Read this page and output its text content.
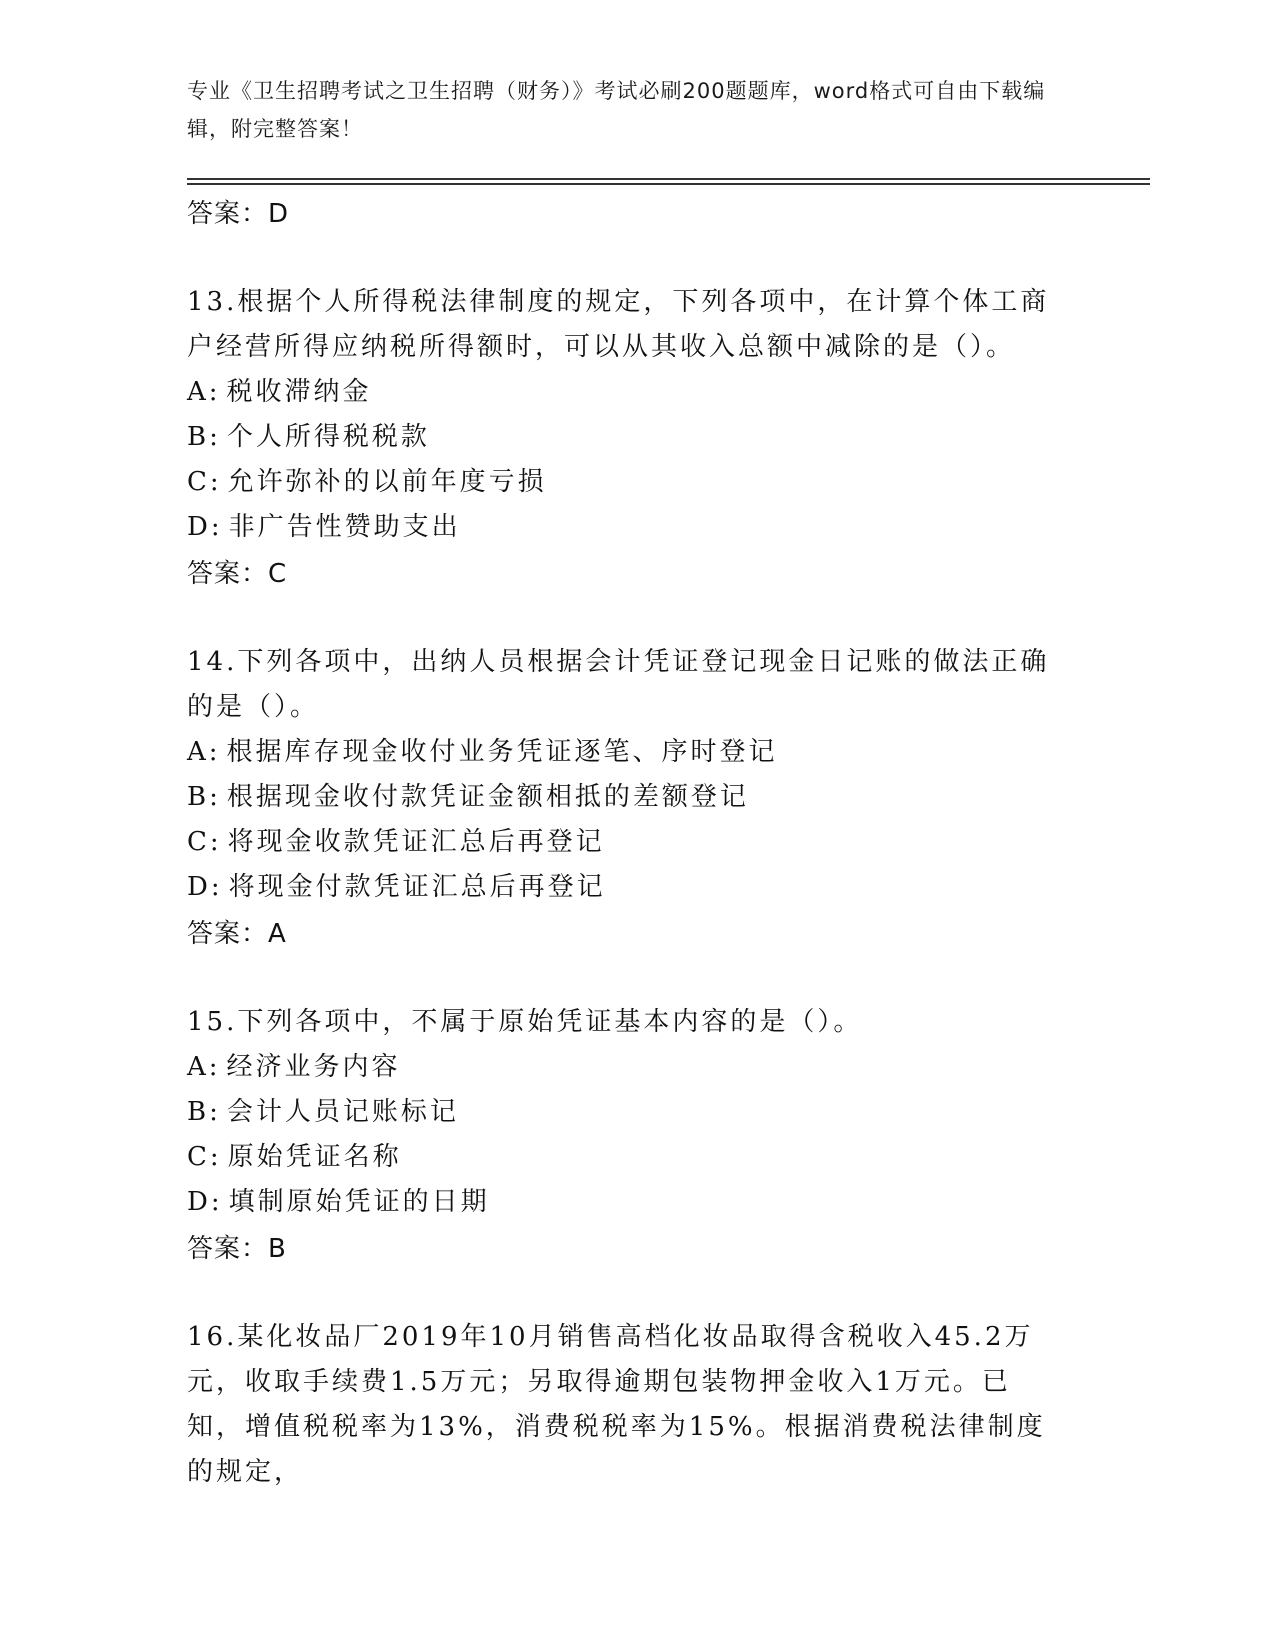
专业《卫生招聘考试之卫生招聘（财务）》考试必刷200题题库，word格式可自由下载编辑，附完整答案！

答案：D

13.根据个人所得税法律制度的规定，下列各项中，在计算个体工商户经营所得应纳税所得额时，可以从其收入总额中减除的是（）。

A: 税收滞纳金

B: 个人所得税税款

C: 允许弥补的以前年度亏损

D: 非广告性赞助支出

答案：C

14.下列各项中，出纳人员根据会计凭证登记现金日记账的做法正确的是（）。

A: 根据库存现金收付业务凭证逐笔、序时登记

B: 根据现金收付款凭证金额相抵的差额登记

C: 将现金收款凭证汇总后再登记

D: 将现金付款凭证汇总后再登记

答案：A

15.下列各项中，不属于原始凭证基本内容的是（）。

A: 经济业务内容

B: 会计人员记账标记

C: 原始凭证名称

D: 填制原始凭证的日期

答案：B

16.某化妆品厂2019年10月销售高档化妆品取得含税收入45.2万元，收取手续费1.5万元；另取得逾期包装物押金收入1万元。已知，增值税税率为13%，消费税税率为15%。根据消费税法律制度的规定，
